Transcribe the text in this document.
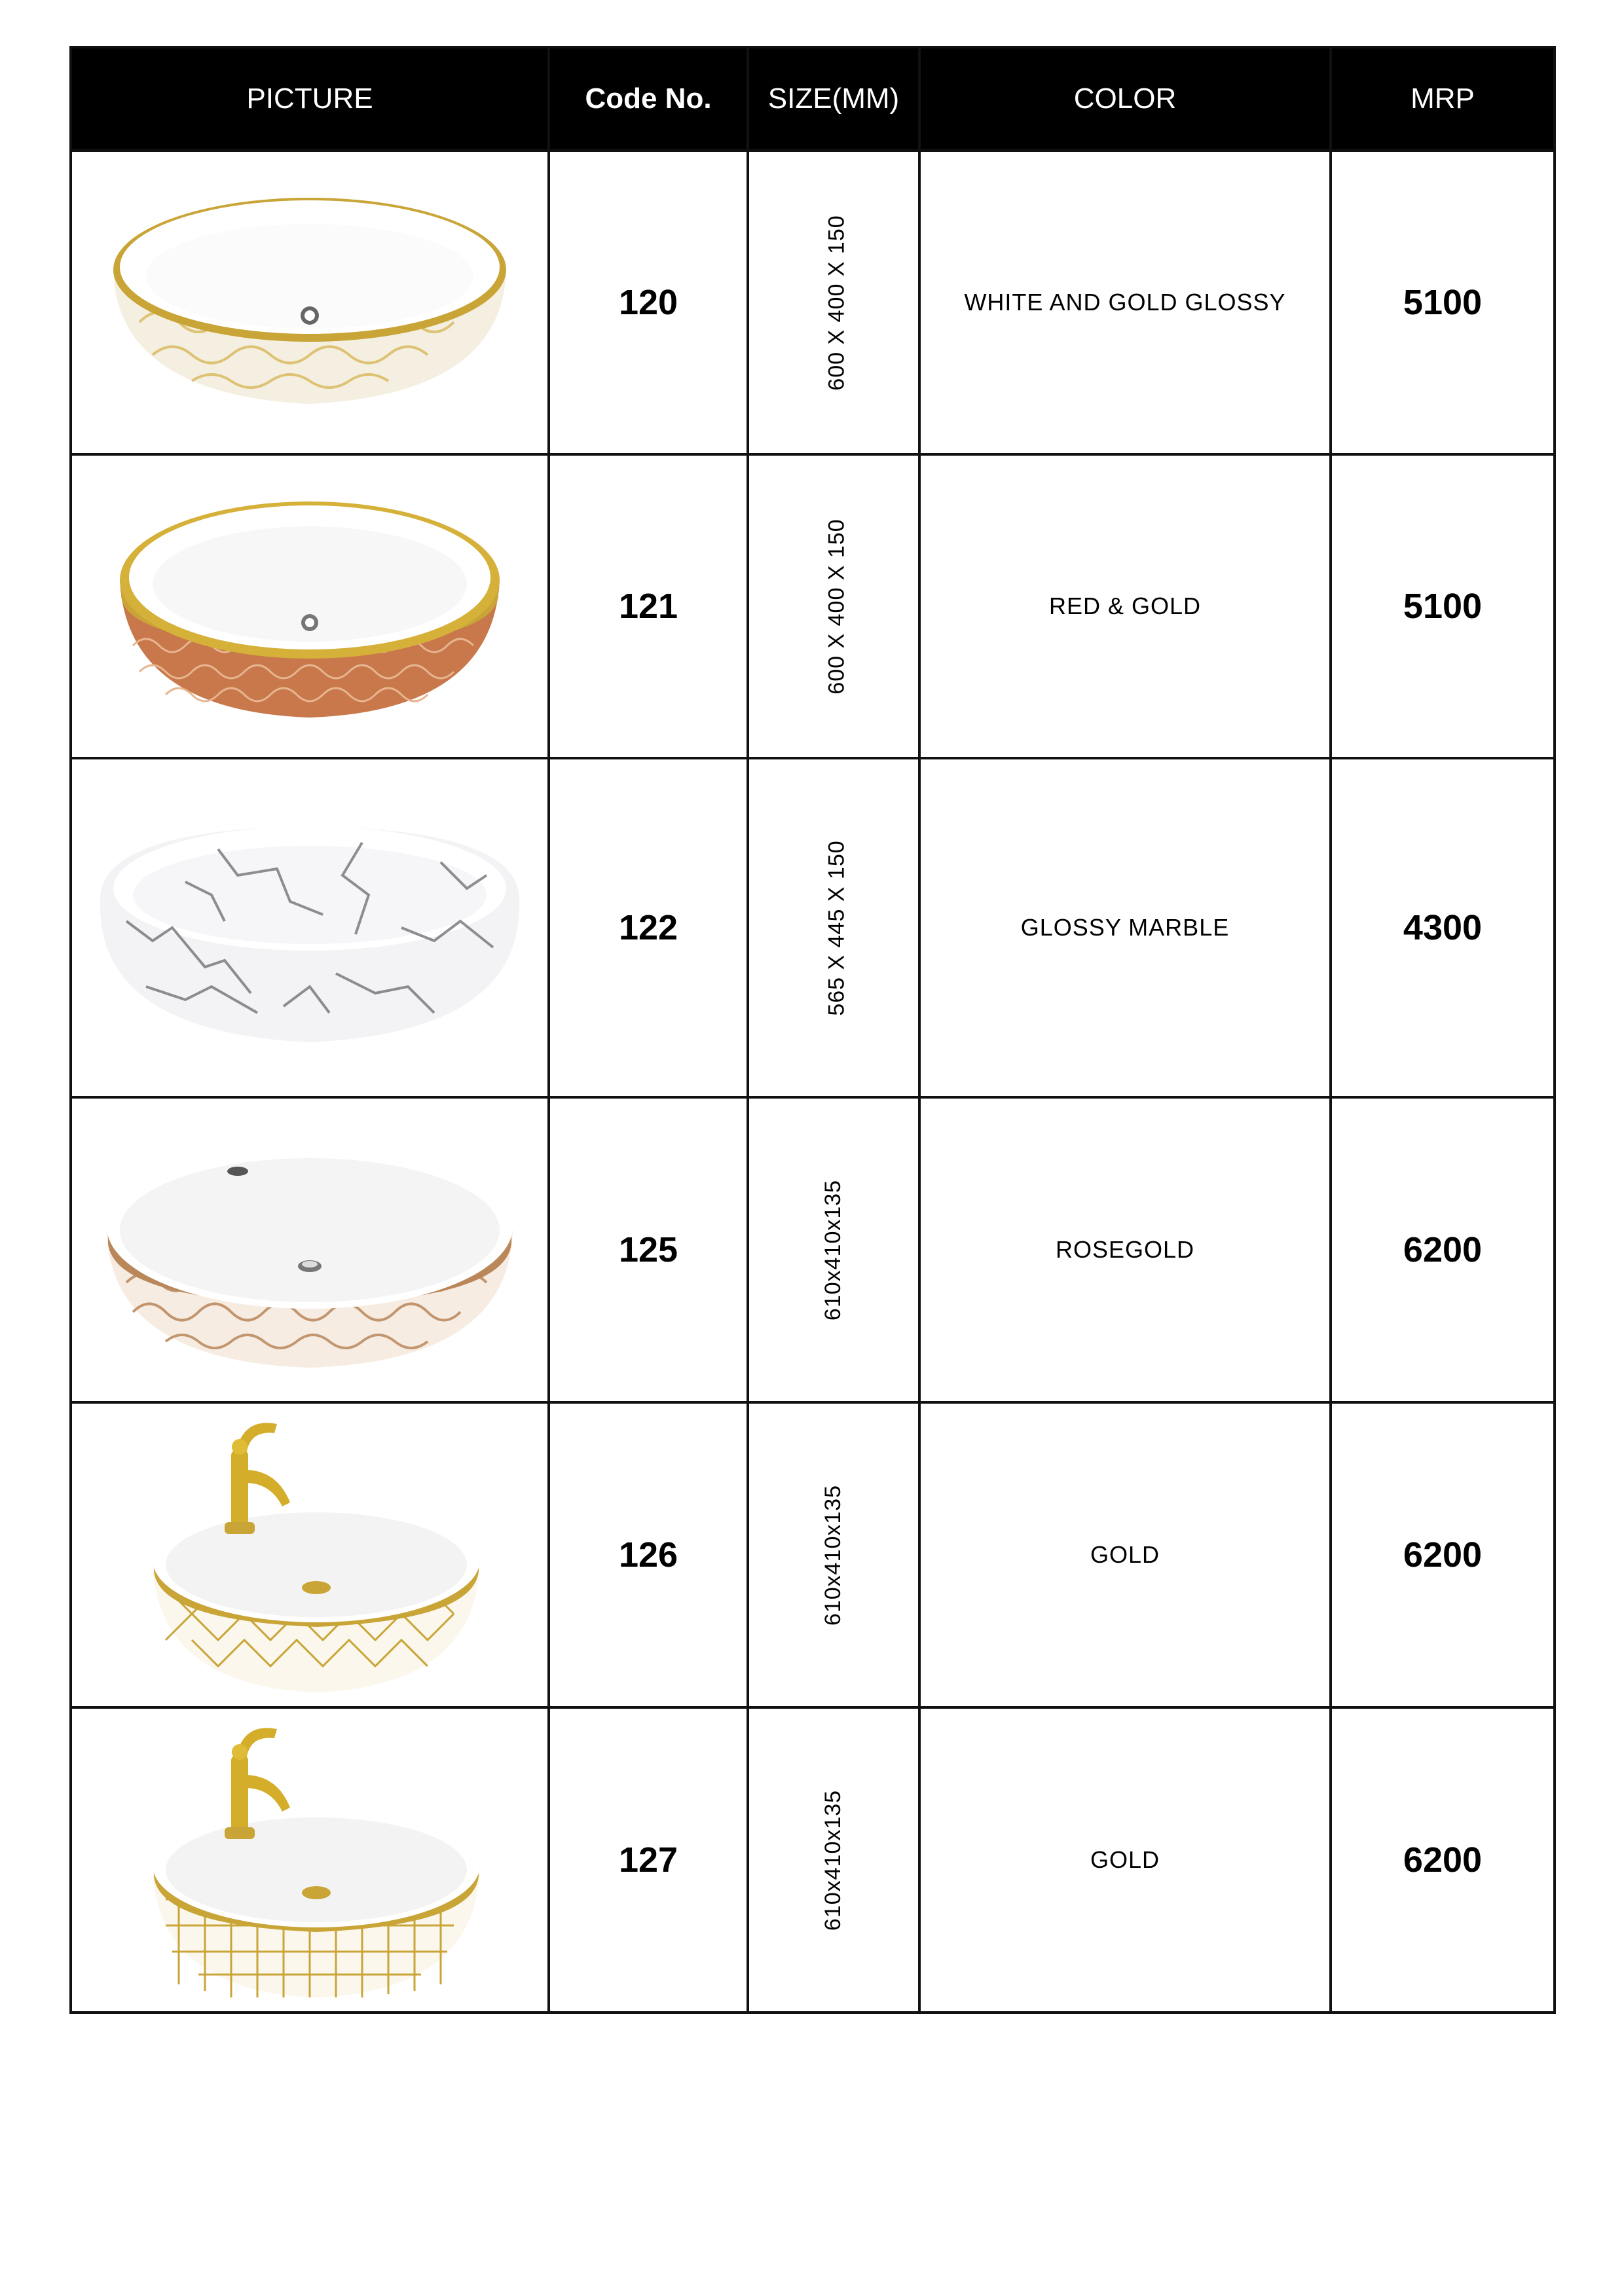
PICTURE	Code No.	SIZE(MM)	COLOR	MRP

	120	600 X 400 X 150	WHITE AND GOLD GLOSSY	5100

	121	600 X 400 X 150	RED & GOLD	5100

	122	565 X 445 X 150	GLOSSY MARBLE	4300

	125	610x410x135	ROSEGOLD	6200

	126	610x410x135	GOLD	6200

	127	610x410x135	GOLD	6200
